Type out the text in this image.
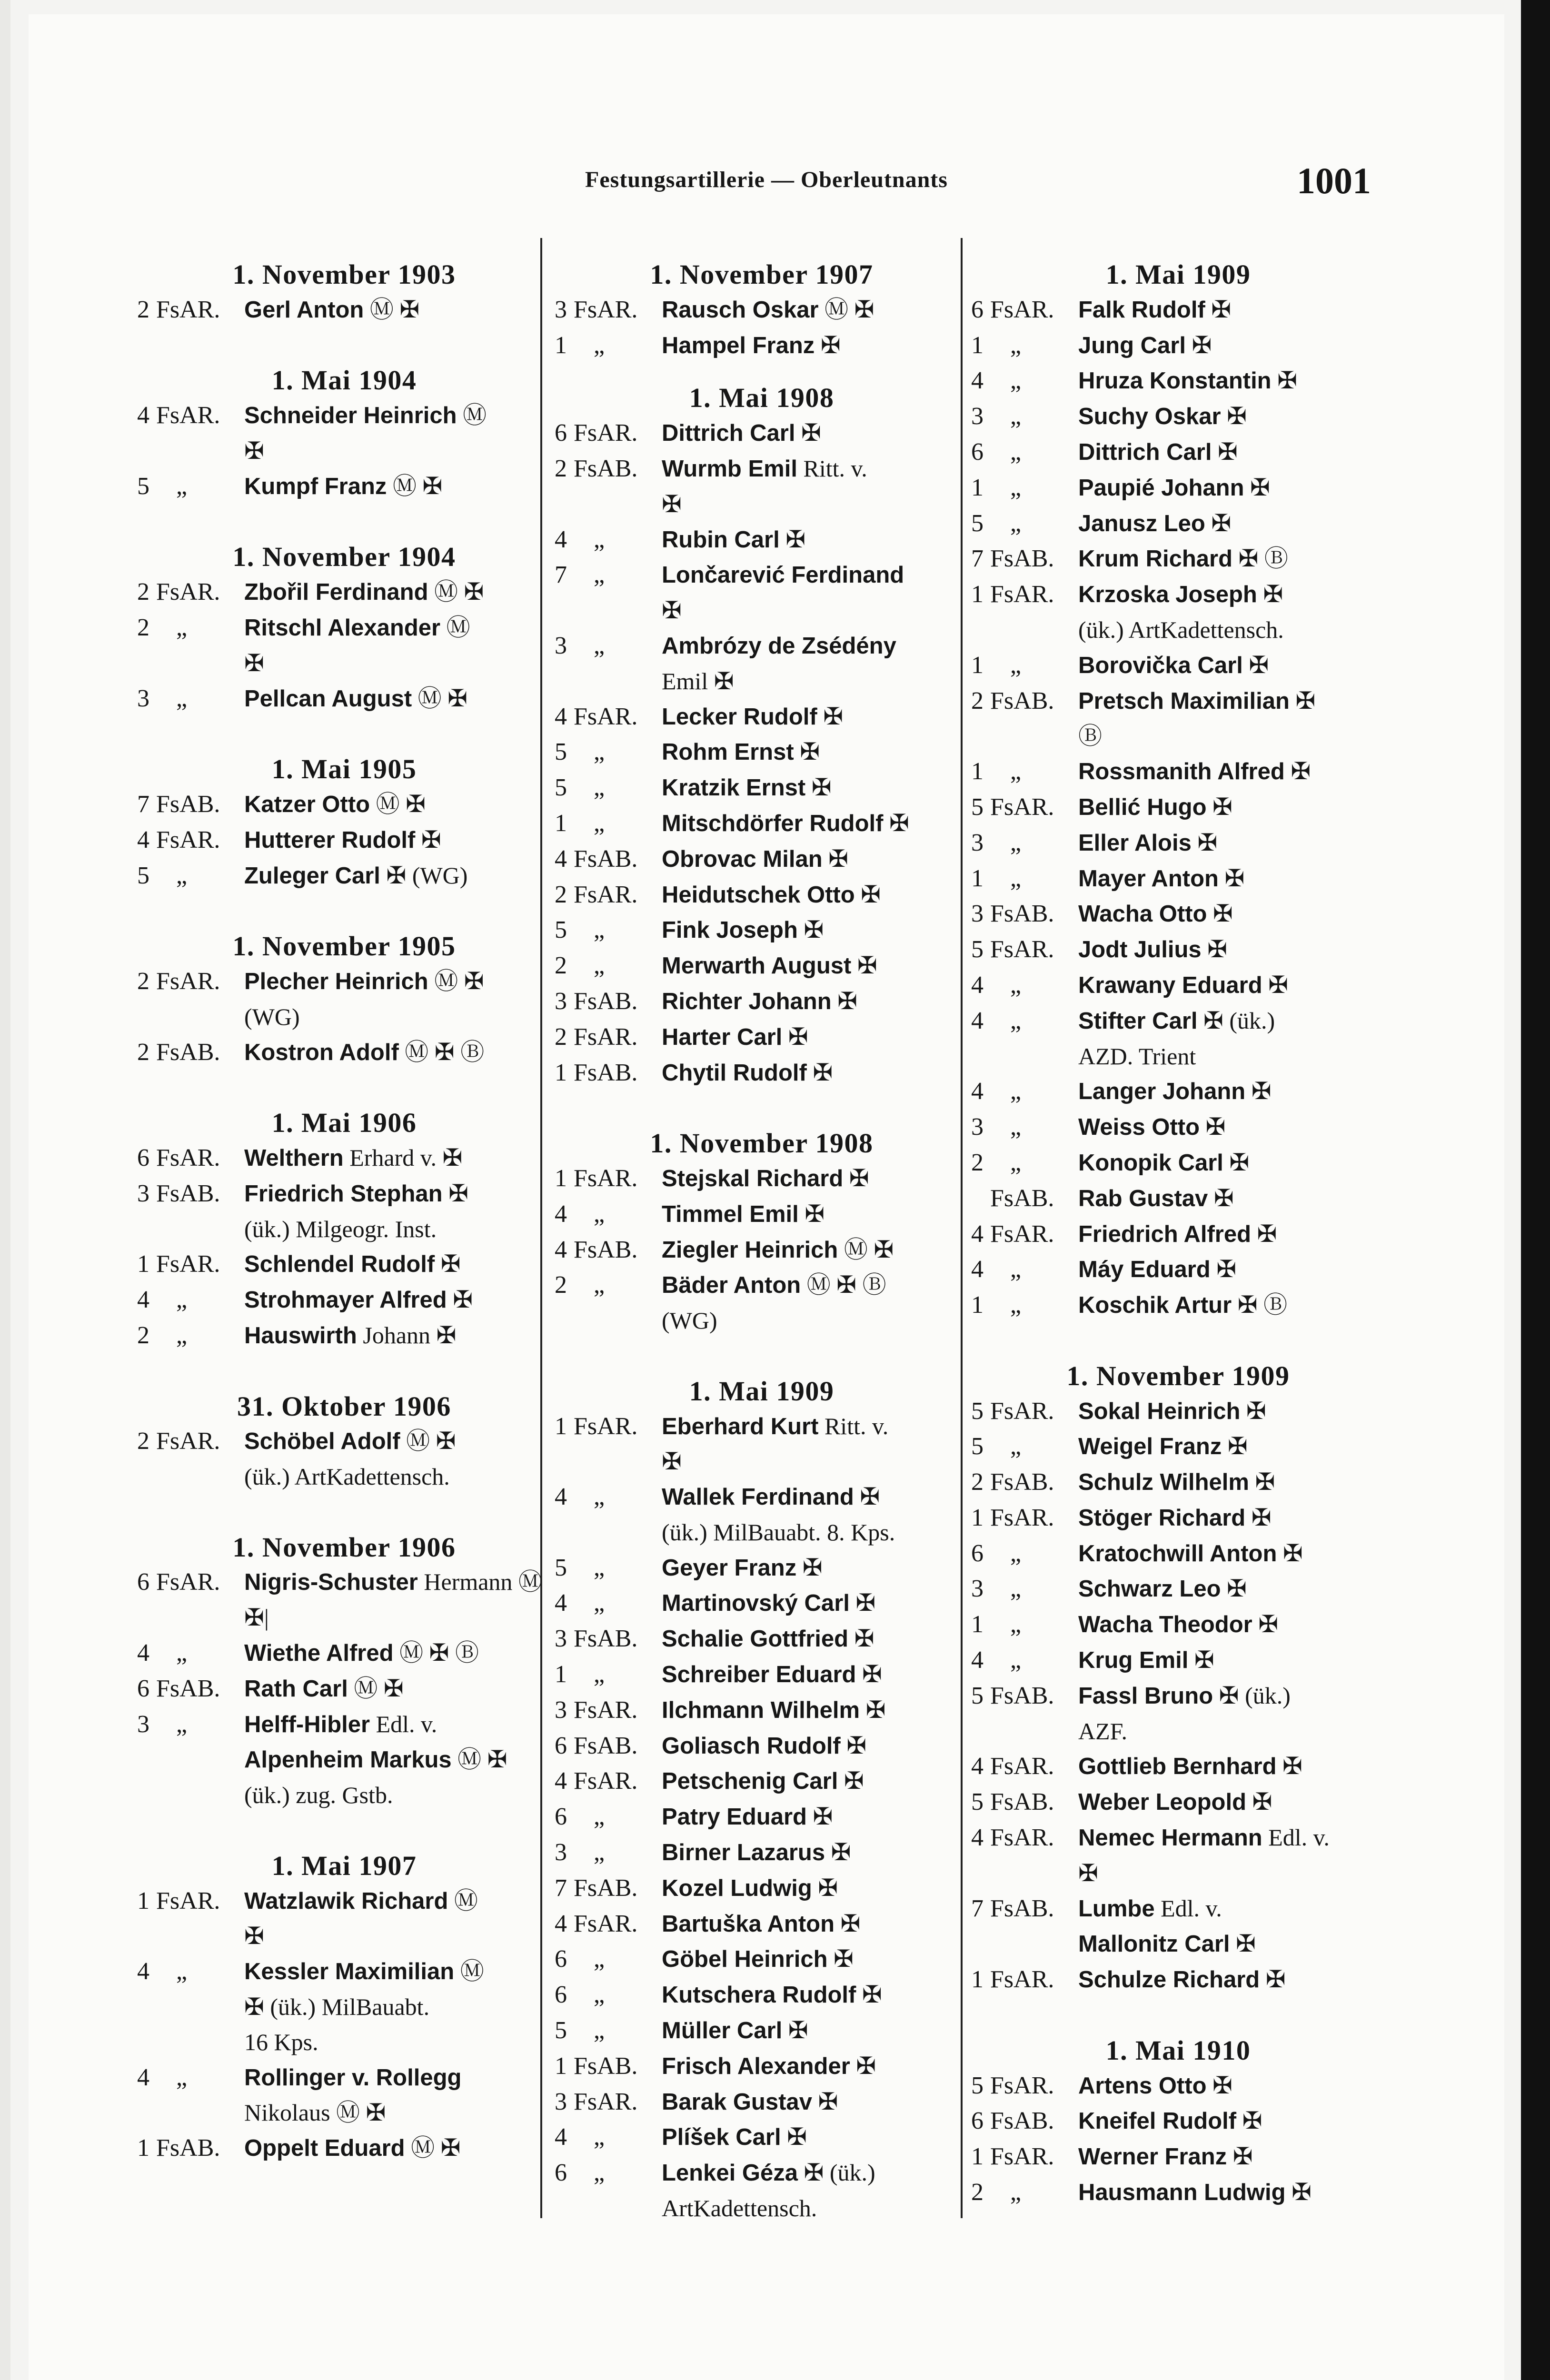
Festungsartillerie — Oberleutnants	1001
1. November 1903
2 FsAR.	Gerl Anton Ⓜ ✠
1. Mai 1904
4 FsAR.	Schneider Heinrich Ⓜ
✠
5 „	Kumpf Franz Ⓜ ✠
1. November 1904
2 FsAR.	Zbořil Ferdinand Ⓜ ✠
2 „	Ritschl Alexander Ⓜ
✠
3 „	Pellcan August Ⓜ ✠
1. Mai 1905
7 FsAB.	Katzer Otto Ⓜ ✠
4 FsAR.	Hutterer Rudolf ✠
5 „	Zuleger Carl ✠ (WG)
1. November 1905
2 FsAR.	Plecher Heinrich Ⓜ ✠
(WG)
2 FsAB.	Kostron Adolf Ⓜ ✠ Ⓑ
1. Mai 1906
6 FsAR.	Welthern Erhard v. ✠
3 FsAB.	Friedrich Stephan ✠
(ük.) Milgeogr. Inst.
1 FsAR.	Schlendel Rudolf ✠
4 „	Strohmayer Alfred ✠
2 „	Hauswirth Johann ✠
31. Oktober 1906
2 FsAR.	Schöbel Adolf Ⓜ ✠
(ük.) ArtKadettensch.
1. November 1906
6 FsAR.	Nigris-Schuster Hermann Ⓜ ✠|
4 „	Wiethe Alfred Ⓜ ✠ Ⓑ
6 FsAB.	Rath Carl Ⓜ ✠
3 „	Helff-Hibler Edl. v.
Alpenheim Markus Ⓜ ✠
(ük.) zug. Gstb.
1. Mai 1907
1 FsAR.	Watzlawik Richard Ⓜ
✠
4 „	Kessler Maximilian Ⓜ
✠ (ük.) MilBauabt.
16 Kps.
4 „	Rollinger v. Rollegg
Nikolaus Ⓜ ✠
1 FsAB.	Oppelt Eduard Ⓜ ✠
1. November 1907
3 FsAR.	Rausch Oskar Ⓜ ✠
1 „	Hampel Franz ✠
1. Mai 1908
6 FsAR.	Dittrich Carl ✠
2 FsAB.	Wurmb Emil Ritt. v.
✠
4 „	Rubin Carl ✠
7 „	Lončarević Ferdinand
✠
3 „	Ambrózy de Zsédény
Emil ✠
4 FsAR.	Lecker Rudolf ✠
5 „	Rohm Ernst ✠
5 „	Kratzik Ernst ✠
1 „	Mitschdörfer Rudolf ✠
4 FsAB.	Obrovac Milan ✠
2 FsAR.	Heidutschek Otto ✠
5 „	Fink Joseph ✠
2 „	Merwarth August ✠
3 FsAB.	Richter Johann ✠
2 FsAR.	Harter Carl ✠
1 FsAB.	Chytil Rudolf ✠
1. November 1908
1 FsAR.	Stejskal Richard ✠
4 „	Timmel Emil ✠
4 FsAB.	Ziegler Heinrich Ⓜ ✠
2 „	Bäder Anton Ⓜ ✠ Ⓑ
(WG)
1. Mai 1909
1 FsAR.	Eberhard Kurt Ritt. v.
✠
4 „	Wallek Ferdinand ✠
(ük.) MilBauabt. 8. Kps.
5 „	Geyer Franz ✠
4 „	Martinovský Carl ✠
3 FsAB.	Schalie Gottfried ✠
1 „	Schreiber Eduard ✠
3 FsAR.	Ilchmann Wilhelm ✠
6 FsAB.	Goliasch Rudolf ✠
4 FsAR.	Petschenig Carl ✠
6 „	Patry Eduard ✠
3 „	Birner Lazarus ✠
7 FsAB.	Kozel Ludwig ✠
4 FsAR.	Bartuška Anton ✠
6 „	Göbel Heinrich ✠
6 „	Kutschera Rudolf ✠
5 „	Müller Carl ✠
1 FsAB.	Frisch Alexander ✠
3 FsAR.	Barak Gustav ✠
4 „	Plíšek Carl ✠
6 „	Lenkei Géza ✠ (ük.)
ArtKadettensch.
1. Mai 1909
6 FsAR.	Falk Rudolf ✠
1 „	Jung Carl ✠
4 „	Hruza Konstantin ✠
3 „	Suchy Oskar ✠
6 „	Dittrich Carl ✠
1 „	Paupié Johann ✠
5 „	Janusz Leo ✠
7 FsAB.	Krum Richard ✠ Ⓑ
1 FsAR.	Krzoska Joseph ✠
(ük.) ArtKadettensch.
1 „	Borovička Carl ✠
2 FsAB.	Pretsch Maximilian ✠
Ⓑ
1 „	Rossmanith Alfred ✠
5 FsAR.	Bellić Hugo ✠
3 „	Eller Alois ✠
1 „	Mayer Anton ✠
3 FsAB.	Wacha Otto ✠
5 FsAR.	Jodt Julius ✠
4 „	Krawany Eduard ✠
4 „	Stifter Carl ✠ (ük.)
AZD. Trient
4 „	Langer Johann ✠
3 „	Weiss Otto ✠
2 „	Konopik Carl ✠
FsAB.	Rab Gustav ✠
4 FsAR.	Friedrich Alfred ✠
4 „	Máy Eduard ✠
1 „	Koschik Artur ✠ Ⓑ
1. November 1909
5 FsAR.	Sokal Heinrich ✠
5 „	Weigel Franz ✠
2 FsAB.	Schulz Wilhelm ✠
1 FsAR.	Stöger Richard ✠
6 „	Kratochwill Anton ✠
3 „	Schwarz Leo ✠
1 „	Wacha Theodor ✠
4 „	Krug Emil ✠
5 FsAB.	Fassl Bruno ✠ (ük.)
AZF.
4 FsAR.	Gottlieb Bernhard ✠
5 FsAB.	Weber Leopold ✠
4 FsAR.	Nemec Hermann Edl. v.
✠
7 FsAB.	Lumbe Edl. v.
Mallonitz Carl ✠
1 FsAR.	Schulze Richard ✠
1. Mai 1910
5 FsAR.	Artens Otto ✠
6 FsAB.	Kneifel Rudolf ✠
1 FsAR.	Werner Franz ✠
2 „	Hausmann Ludwig ✠
